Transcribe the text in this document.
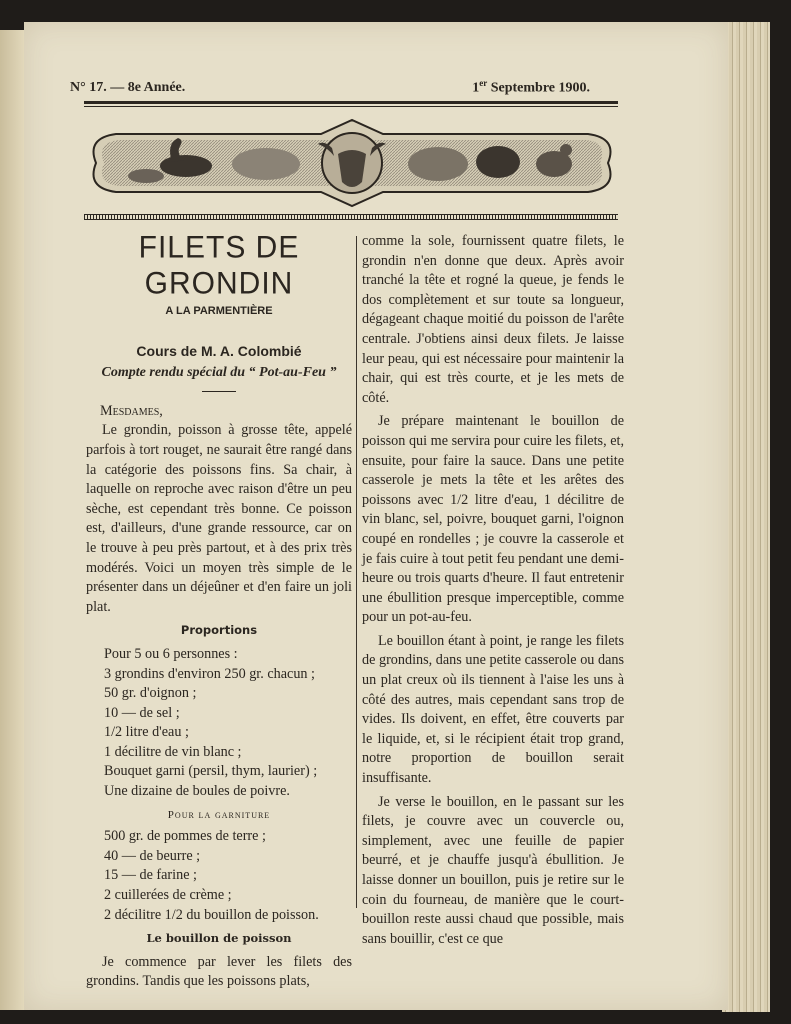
N° 17. — 8e Année.	1er Septembre 1900.
FILETS DE GRONDIN
A LA PARMENTIÈRE
Cours de M. A. Colombié
Compte rendu spécial du “ Pot-au-Feu ”
Mesdames,

Le grondin, poisson à grosse tête, appelé parfois à tort rouget, ne saurait être rangé dans la catégorie des poissons fins. Sa chair, à laquelle on reproche avec raison d'être un peu sèche, est cependant très bonne. Ce poisson est, d'ailleurs, d'une grande ressource, car on le trouve à peu près partout, et à des prix très modérés. Voici un moyen très simple de le présenter dans un déjeûner et d'en faire un joli plat.

Proportions
Pour 5 ou 6 personnes :
3 grondins d'environ 250 gr. chacun ;
50 gr. d'oignon ;
10 — de sel ;
1/2 litre d'eau ;
1 décilitre de vin blanc ;
Bouquet garni (persil, thym, laurier) ;
Une dizaine de boules de poivre.
Pour la garniture
500 gr. de pommes de terre ;
40 — de beurre ;
15 — de farine ;
2 cuillerées de crème ;
2 décilitre 1/2 du bouillon de poisson.
Le bouillon de poisson

Je commence par lever les filets des grondins. Tandis que les poissons plats,

comme la sole, fournissent quatre filets, le grondin n'en donne que deux. Après avoir tranché la tête et rogné la queue, je fends le dos complètement et sur toute sa longueur, dégageant chaque moitié du poisson de l'arête centrale. J'obtiens ainsi deux filets. Je laisse leur peau, qui est nécessaire pour maintenir la chair, qui est très courte, et je les mets de côté.

Je prépare maintenant le bouillon de poisson qui me servira pour cuire les filets, et, ensuite, pour faire la sauce. Dans une petite casserole je mets la tête et les arêtes des poissons avec 1/2 litre d'eau, 1 décilitre de vin blanc, sel, poivre, bouquet garni, l'oignon coupé en rondelles ; je couvre la casserole et je fais cuire à tout petit feu pendant une demi-heure ou trois quarts d'heure. Il faut entretenir une ébullition presque imperceptible, comme pour un pot-au-feu.

Le bouillon étant à point, je range les filets de grondins, dans une petite casserole ou dans un plat creux où ils tiennent à l'aise les uns à côté des autres, mais cependant sans trop de vides. Ils doivent, en effet, être couverts par le liquide, et, si le récipient était trop grand, notre proportion de bouillon serait insuffisante.

Je verse le bouillon, en le passant sur les filets, je couvre avec un couvercle ou, simplement, avec une feuille de papier beurré, et je chauffe jusqu'à ébullition. Je laisse donner un bouillon, puis je retire sur le coin du fourneau, de manière que le court-bouillon reste aussi chaud que possible, mais sans bouillir, c'est ce que
